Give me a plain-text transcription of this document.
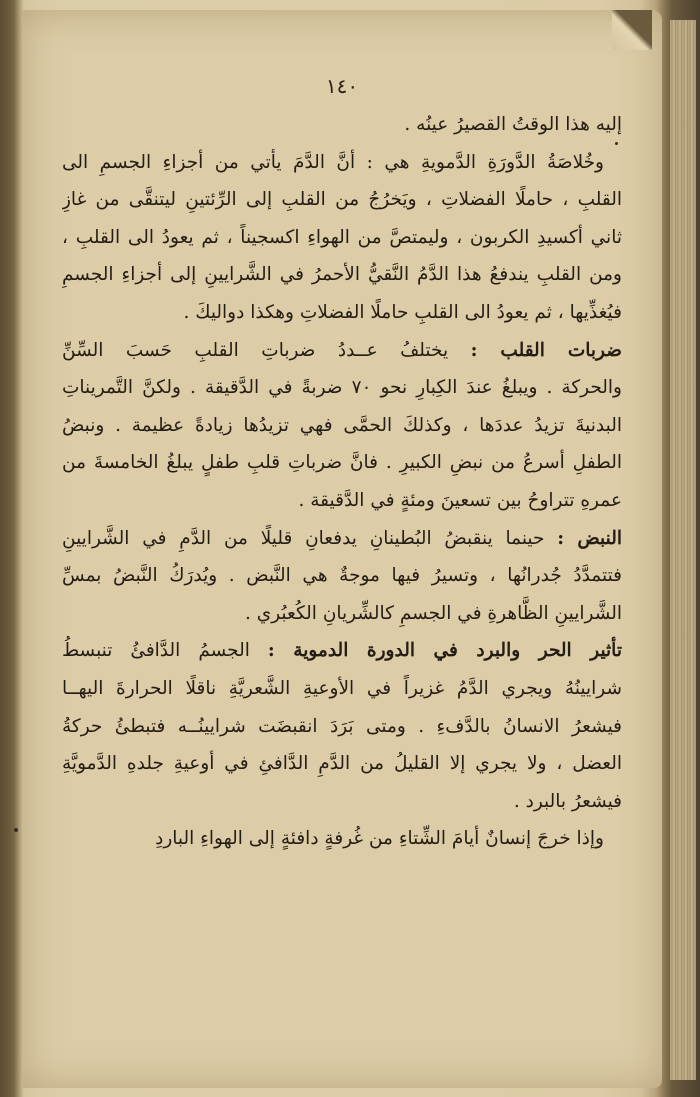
١٤٠
إليه هذا الوقتُ القصيرُ عينُه .
وخُلاصَةُ الدَّورَةِ الدَّمويةِ هي : أنَّ الدَّمَ يأتي من أجزاءِ الجسمِ الى
القلبِ ، حاملًا الفضلاتِ ، ويَخرُجُ من القلبِ إلى الرِّئتينِ ليتنقَّى من غازِ
ثاني أكسيدِ الكربون ، وليمتصَّ من الهواءِ اكسجيناً ، ثم يعودُ الى القلبِ ،
ومن القلبِ يندفعُ هذا الدَّمُ النَّقيُّ الأحمرُ في الشَّرايينِ إلى أجزاءِ الجسمِ
فيُغذِّيها ، ثم يعودُ الى القلبِ حاملًا الفضلاتِ وهكذا دواليكَ .
ضربات القلب : يختلفُ عــددُ ضرباتِ القلبِ حَسبَ السِّنِّ
والحركة . ويبلغُ عندَ الكِبارِ نحو ٧٠ ضربةً في الدَّقيقة . ولكنَّ التَّمريناتِ
البدنيةَ تزيدُ عددَها ، وكذلكَ الحمَّى فهي تزيدُها زيادةً عظيمة . ونبضُ
الطفلِ أسرعُ من نبضِ الكبيرِ . فانَّ ضرباتِ قلبِ طفلٍ يبلغُ الخامسةَ من
عمرهِ تتراوحُ بين تسعينَ ومئةٍ في الدَّقيقة .
النبض : حينما ينقبضُ البُطينانِ يدفعانِ قليلًا من الدَّمِ في الشَّرايينِ
فتتمدَّدُ جُدرانُها ، وتسيرُ فيها موجةٌ هي النَّبض . ويُدرَكُ النَّبضُ بمسِّ
الشَّرايينِ الظَّاهرةِ في الجسمِ كالشِّريانِ الكُعبُري .
تأثير الحر والبرد في الدورة الدموية : الجسمُ الدَّافئُ تنبسطُ
شرايينُهُ ويجري الدَّمُ غزيراً في الأوعيةِ الشَّعريَّةِ ناقلًا الحرارةَ اليهــا
فيشعرُ الانسانُ بالدَّفءِ . ومتى بَرَدَ انقبضَت شرايينُــه فتبطئُ حركةُ
العضل ، ولا يجري إلا القليلُ من الدَّمِ الدَّافئِ في أوعيةِ جلدهِ الدَّمويَّةِ
فيشعرُ بالبرد .
وإذا خرجَ إنسانٌ أيامَ الشِّتاءِ من غُرفةٍ دافئةٍ إلى الهواءِ الباردِ
